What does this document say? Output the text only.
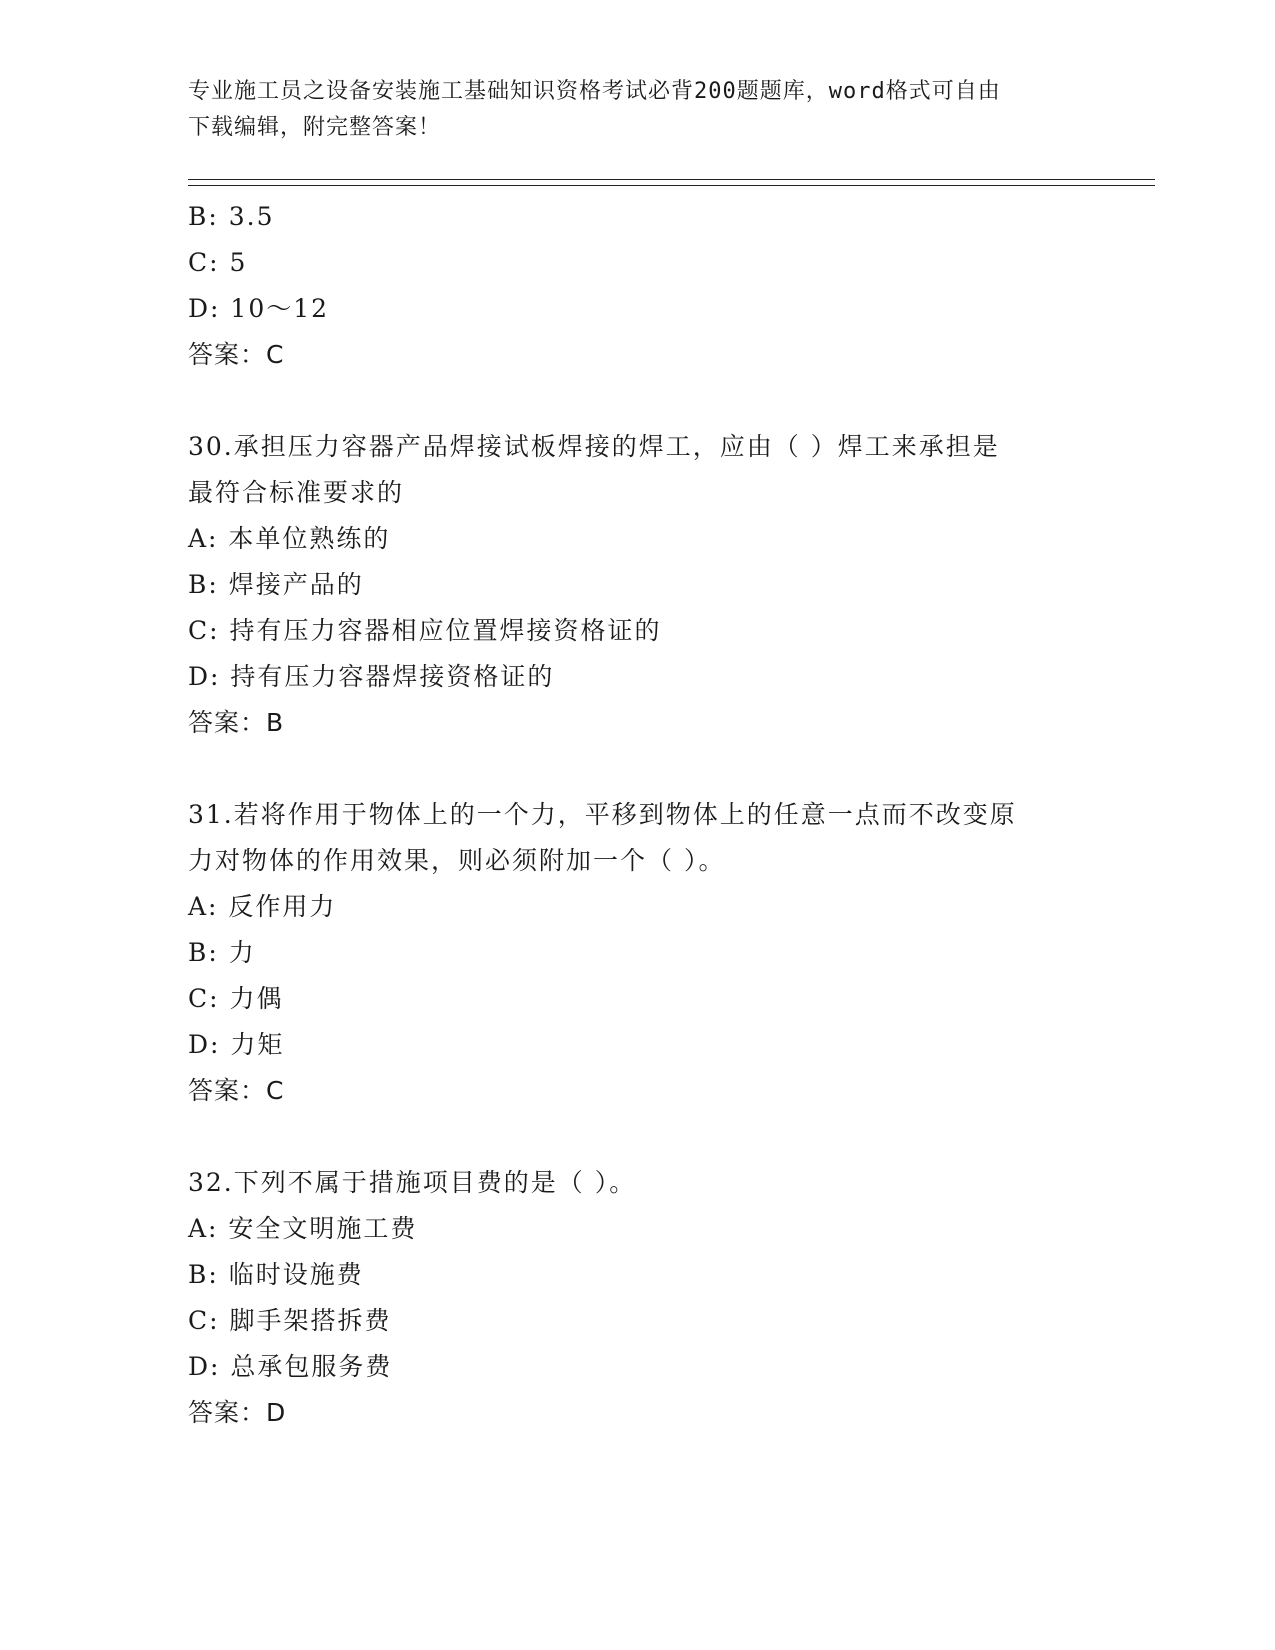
专业施工员之设备安装施工基础知识资格考试必背200题题库，word格式可自由
下载编辑，附完整答案！
B: 3.5
C: 5
D: 10～12
答案：C
30.承担压力容器产品焊接试板焊接的焊工，应由（ ）焊工来承担是
最符合标准要求的
A: 本单位熟练的
B: 焊接产品的
C: 持有压力容器相应位置焊接资格证的
D: 持有压力容器焊接资格证的
答案：B
31.若将作用于物体上的一个力，平移到物体上的任意一点而不改变原
力对物体的作用效果，则必须附加一个（ ）。
A: 反作用力
B: 力
C: 力偶
D: 力矩
答案：C
32.下列不属于措施项目费的是（ ）。
A: 安全文明施工费
B: 临时设施费
C: 脚手架搭拆费
D: 总承包服务费
答案：D
